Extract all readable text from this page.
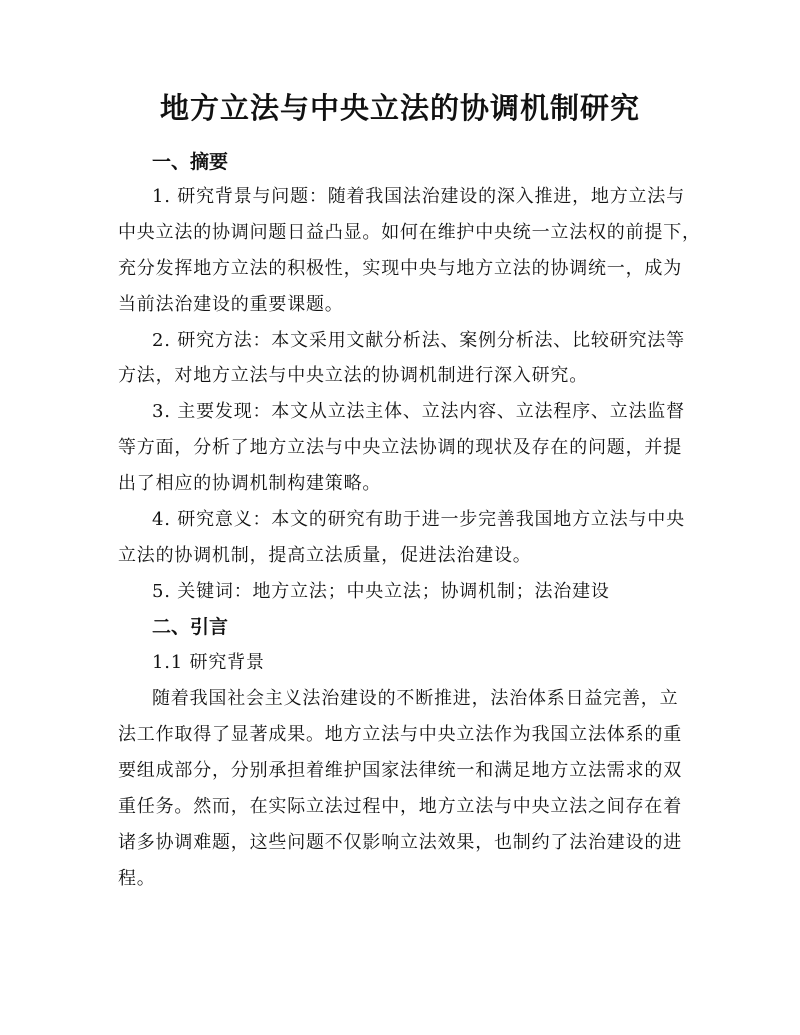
地方立法与中央立法的协调机制研究
一、摘要
1. 研究背景与问题：随着我国法治建设的深入推进，地方立法与
中央立法的协调问题日益凸显。如何在维护中央统一立法权的前提下，
充分发挥地方立法的积极性，实现中央与地方立法的协调统一，成为
当前法治建设的重要课题。
2. 研究方法：本文采用文献分析法、案例分析法、比较研究法等
方法，对地方立法与中央立法的协调机制进行深入研究。
3. 主要发现：本文从立法主体、立法内容、立法程序、立法监督
等方面，分析了地方立法与中央立法协调的现状及存在的问题，并提
出了相应的协调机制构建策略。
4. 研究意义：本文的研究有助于进一步完善我国地方立法与中央
立法的协调机制，提高立法质量，促进法治建设。
5. 关键词：地方立法；中央立法；协调机制；法治建设
二、引言
1.1 研究背景
随着我国社会主义法治建设的不断推进，法治体系日益完善，立
法工作取得了显著成果。地方立法与中央立法作为我国立法体系的重
要组成部分，分别承担着维护国家法律统一和满足地方立法需求的双
重任务。然而，在实际立法过程中，地方立法与中央立法之间存在着
诸多协调难题，这些问题不仅影响立法效果，也制约了法治建设的进
程。
